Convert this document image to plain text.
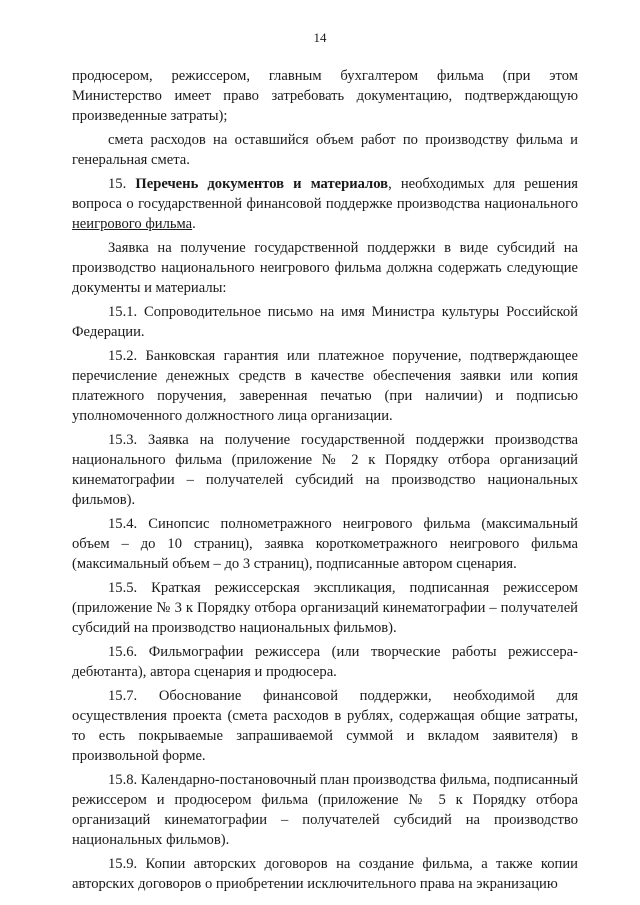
14

продюсером, режиссером, главным бухгалтером фильма (при этом Министерство имеет право затребовать документацию, подтверждающую произведенные затраты);

смета расходов на оставшийся объем работ по производству фильма и генеральная смета.

15. Перечень документов и материалов, необходимых для решения вопроса о государственной финансовой поддержке производства национального неигрового фильма.

Заявка на получение государственной поддержки в виде субсидий на производство национального неигрового фильма должна содержать следующие документы и материалы:

15.1. Сопроводительное письмо на имя Министра культуры Российской Федерации.

15.2. Банковская гарантия или платежное поручение, подтверждающее перечисление денежных средств в качестве обеспечения заявки или копия платежного поручения, заверенная печатью (при наличии) и подписью уполномоченного должностного лица организации.

15.3. Заявка на получение государственной поддержки производства национального фильма (приложение № 2 к Порядку отбора организаций кинематографии – получателей субсидий на производство национальных фильмов).

15.4. Синопсис полнометражного неигрового фильма (максимальный объем – до 10 страниц), заявка короткометражного неигрового фильма (максимальный объем – до 3 страниц), подписанные автором сценария.

15.5. Краткая режиссерская экспликация, подписанная режиссером (приложение № 3 к Порядку отбора организаций кинематографии – получателей субсидий на производство национальных фильмов).

15.6. Фильмографии режиссера (или творческие работы режиссера-дебютанта), автора сценария и продюсера.

15.7. Обоснование финансовой поддержки, необходимой для осуществления проекта (смета расходов в рублях, содержащая общие затраты, то есть покрываемые запрашиваемой суммой и вкладом заявителя) в произвольной форме.

15.8. Календарно-постановочный план производства фильма, подписанный режиссером и продюсером фильма (приложение № 5 к Порядку отбора организаций кинематографии – получателей субсидий на производство национальных фильмов).

15.9. Копии авторских договоров на создание фильма, а также копии авторских договоров о приобретении исключительного права на экранизацию
